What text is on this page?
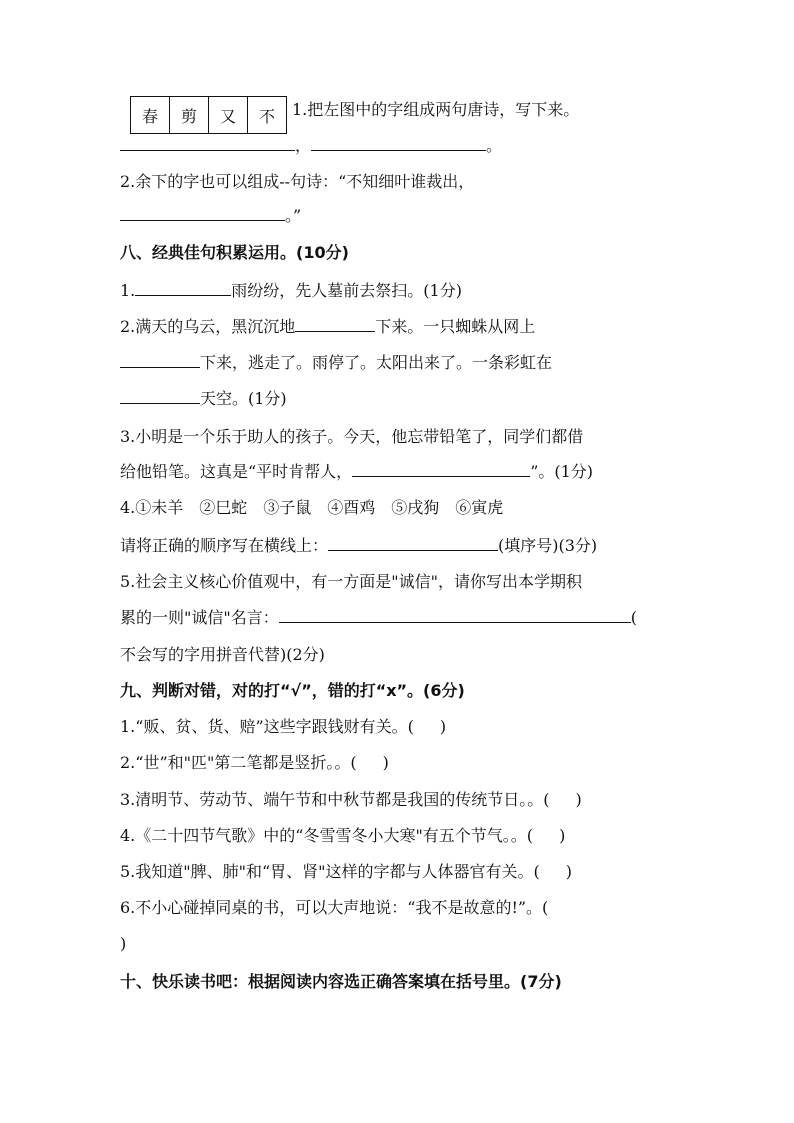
春	剪	又	不	1.把左图中的字组成两句唐诗，写下来。
，	。
2.余下的字也可以组成--句诗：“不知细叶谁裁出，
。”
八、经典佳句积累运用。(10分)
1.	雨纷纷，先人墓前去祭扫。(1分)
2.满天的乌云，黑沉沉地	下来。一只蜘蛛从网上
下来，逃走了。雨停了。太阳出来了。一条彩虹在
天空。(1分)
3.小明是一个乐于助人的孩子。今天，他忘带铅笔了，同学们都借
给他铅笔。这真是“平时肯帮人，	”。(1分)
4.①未羊　②巳蛇　③子鼠　④酉鸡　⑤戌狗　⑥寅虎
请将正确的顺序写在横线上：	(填序号)(3分)
5.社会主义核心价值观中，有一方面是"诚信"，请你写出本学期积
累的一则"诚信"名言：	(
不会写的字用拼音代替)(2分)
九、判断对错，对的打“√”，错的打“x”。(6分)
1.“贩、贫、货、赔”这些字跟钱财有关。( )
2.“世”和"匹"第二笔都是竖折。。( )
3.清明节、劳动节、端午节和中秋节都是我国的传统节日。。( )
4.《二十四节气歌》中的“冬雪雪冬小大寒"有五个节气。。( )
5.我知道"脾、肺"和“胃、肾"这样的字都与人体器官有关。( )
6.不小心碰掉同桌的书，可以大声地说：“我不是故意的!”。(
)
十、快乐读书吧：根据阅读内容选正确答案填在括号里。(7分)
